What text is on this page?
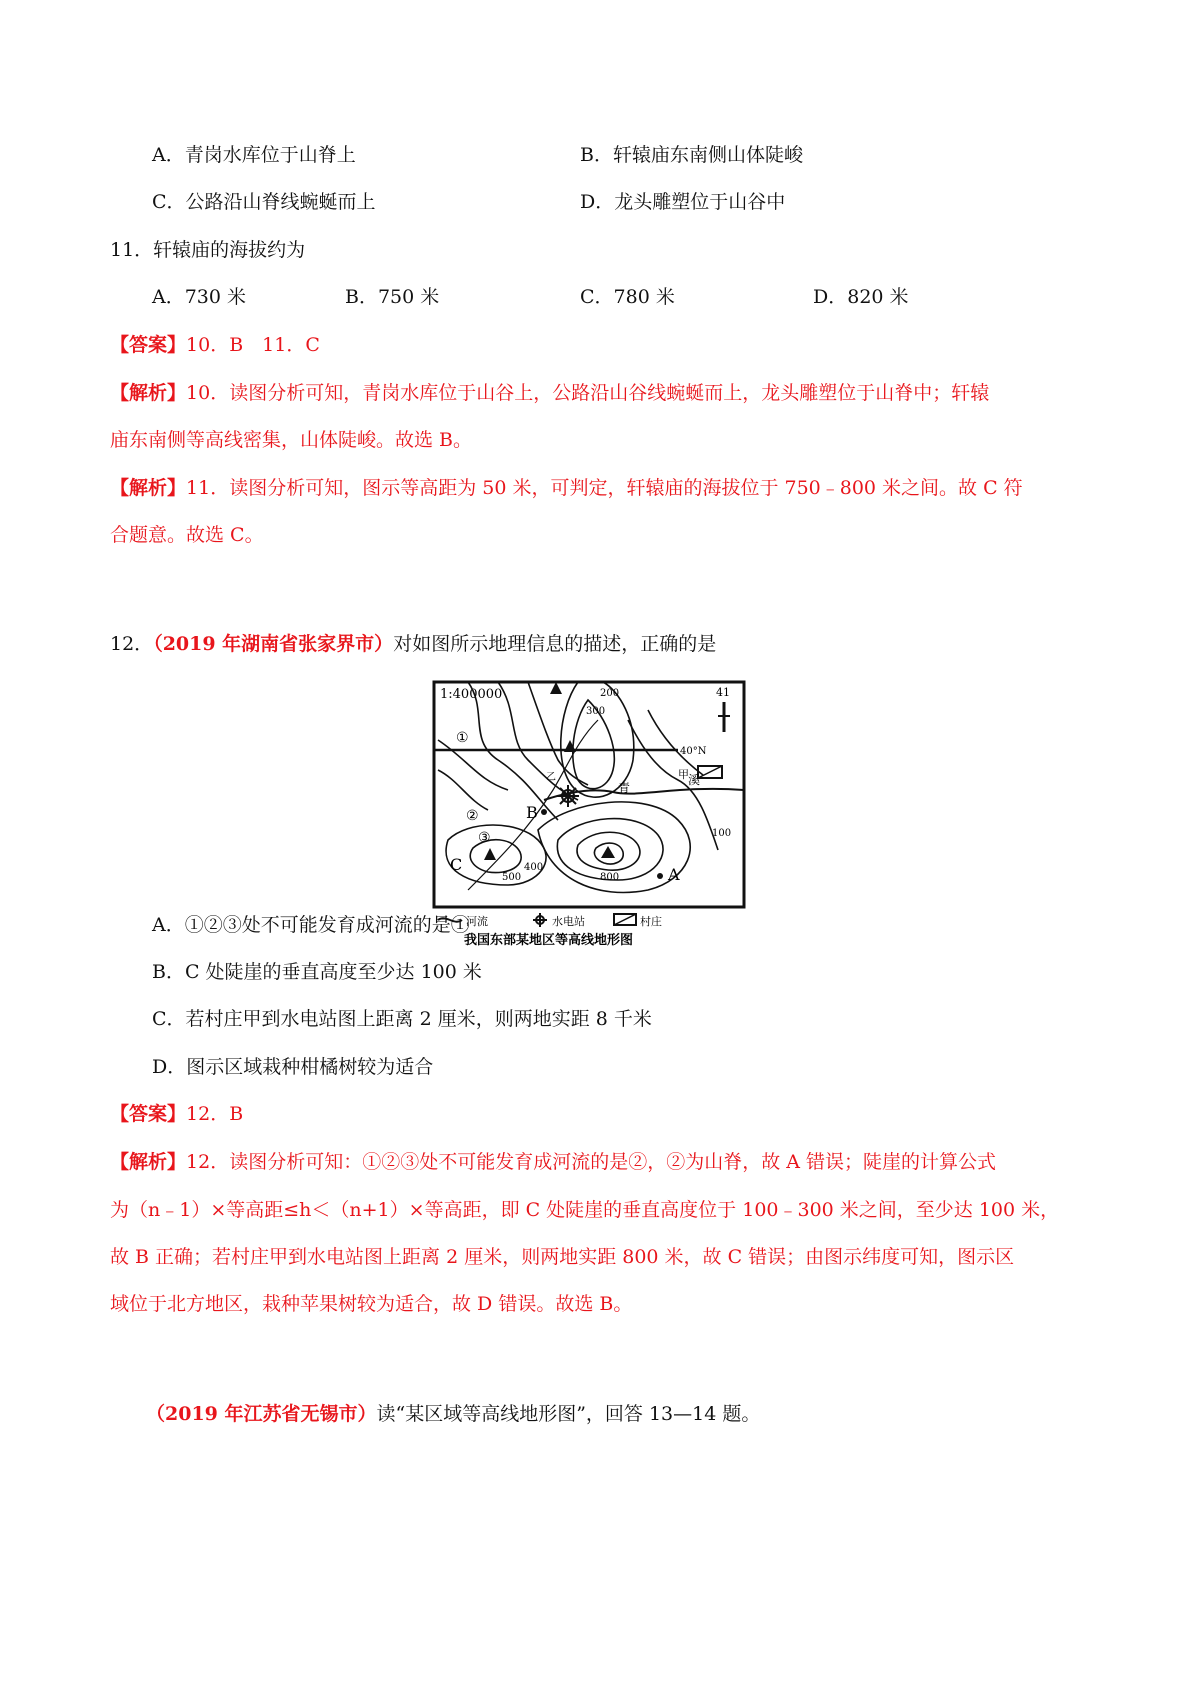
A．青岗水库位于山脊上	B．轩辕庙东南侧山体陡峻
C．公路沿山脊线蜿蜒而上	D．龙头雕塑位于山谷中
11．轩辕庙的海拔约为
A．730 米	B．750 米	C．780 米	D．820 米
【答案】10．B　11．C
【解析】10．读图分析可知，青岗水库位于山谷上，公路沿山谷线蜿蜒而上，龙头雕塑位于山脊中；轩辕
庙东南侧等高线密集，山体陡峻。故选 B。
【解析】11．读图分析可知，图示等高距为 50 米，可判定，轩辕庙的海拔位于 750﹣800 米之间。故 C 符
合题意。故选 C。
12．（2019 年湖南省张家界市）对如图所示地理信息的描述，正确的是
1:400000	41
40°N
甲
青
溪
乙
①
②
③
B
C
A
300
200
400
500	800
100
河流	水电站	村庄
我国东部某地区等高线地形图
A．①②③处不可能发育成河流的是①
B．C 处陡崖的垂直高度至少达 100 米
C．若村庄甲到水电站图上距离 2 厘米，则两地实距 8 千米
D．图示区域栽种柑橘树较为适合
【答案】12．B
【解析】12．读图分析可知：①②③处不可能发育成河流的是②，②为山脊，故 A 错误；陡崖的计算公式
为（n﹣1）×等高距≤h＜（n+1）×等高距，即 C 处陡崖的垂直高度位于 100﹣300 米之间，至少达 100 米，
故 B 正确；若村庄甲到水电站图上距离 2 厘米，则两地实距 800 米，故 C 错误；由图示纬度可知，图示区
域位于北方地区，栽种苹果树较为适合，故 D 错误。故选 B。
（2019 年江苏省无锡市）读“某区域等高线地形图”，回答 13—14 题。
